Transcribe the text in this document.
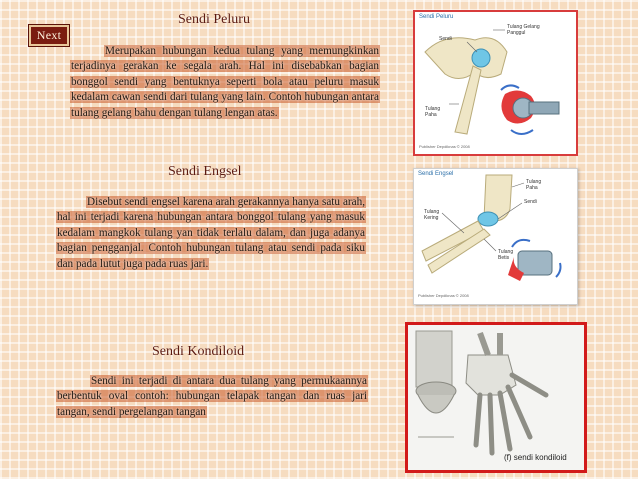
Next
Sendi Peluru
Merupakan hubungan kedua tulang yang memungkinkan terjadinya gerakan ke segala arah. Hal ini disebabkan bagian bonggol sendi yang bentuknya seperti bola atau peluru masuk kedalam cawan sendi dari tulang yang lain. Contoh hubungan antara tulang gelang bahu dengan tulang lengan atas.
Sendi Engsel
Disebut sendi engsel karena arah gerakannya hanya satu arah, hal ini terjadi karena hubungan antara bonggol tulang yang masuk kedalam mangkok tulang yan tidak terlalu dalam, dan juga adanya bagian pengganjal. Contoh hubungan tulang atau sendi pada siku dan pada lutut juga pada ruas jari.
Sendi Kondiloid
Sendi ini terjadi di antara dua tulang yang permukaannya berbentuk oval contoh: hubungan telapak tangan dan ruas jari tangan, sendi pergelangan tangan
Sendi Peluru
Tulang Gelang Panggul
Sendi
Tulang Paha
Publisher Depdiknas © 2008
Sendi Engsel
Tulang Paha
Tulang Kering
Sendi
Tulang Betis
Publisher Depdiknas © 2008
(f) sendi kondiloid
